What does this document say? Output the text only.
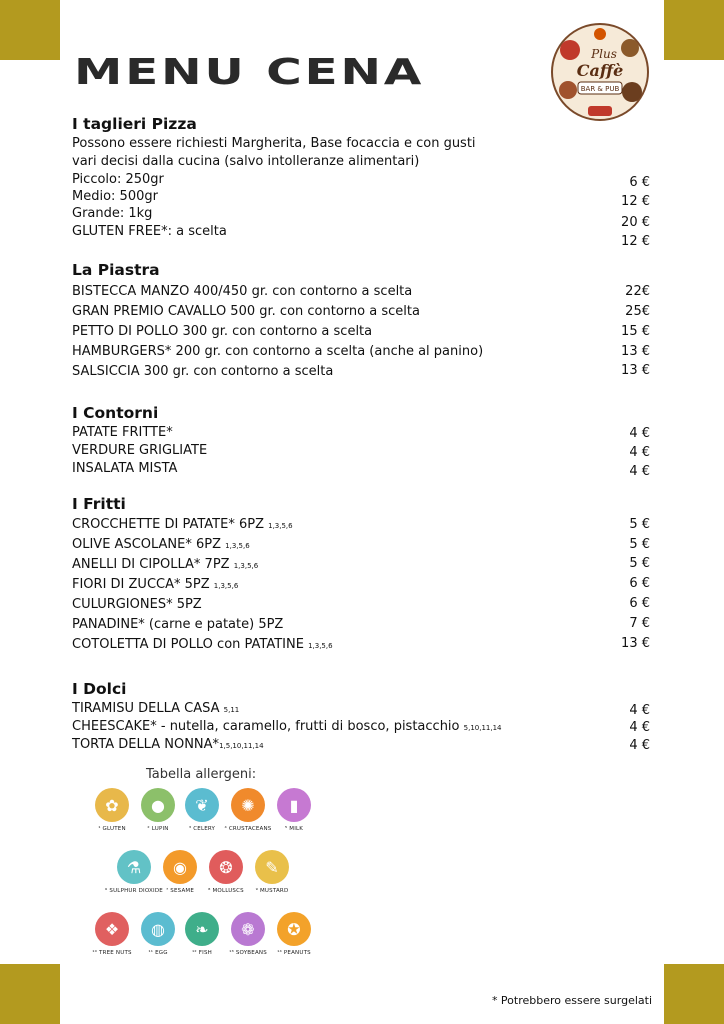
MENU CENA	Plus
Caffè
BAR & PUB
I taglieri Pizza
Possono essere richiesti Margherita, Base focaccia e con gusti
vari decisi dalla cucina (salvo intolleranze alimentari)
Piccolo: 250gr
Medio: 500gr
Grande: 1kg
GLUTEN FREE*: a scelta
6 €
12 €
20 €
12 €
La Piastra
BISTECCA MANZO 400/450 gr. con contorno a scelta
GRAN PREMIO CAVALLO 500 gr. con contorno a scelta
PETTO DI POLLO 300 gr. con contorno a scelta
HAMBURGERS* 200 gr. con contorno a scelta (anche al panino)
SALSICCIA 300 gr. con contorno a scelta
22€
25€
15 €
13 €
13 €
I Contorni
PATATE FRITTE*
VERDURE GRIGLIATE
INSALATA MISTA
4 €
4 €
4 €
I Fritti
CROCCHETTE DI PATATE* 6PZ 1,3,5,6
OLIVE ASCOLANE* 6PZ 1,3,5,6
ANELLI DI CIPOLLA* 7PZ 1,3,5,6
FIORI DI ZUCCA* 5PZ 1,3,5,6
CULURGIONES* 5PZ
PANADINE* (carne e patate) 5PZ
COTOLETTA DI POLLO con PATATINE 1,3,5,6
5 €
5 €
5 €
6 €
6 €
7 €
13 €
I Dolci
TIRAMISU DELLA CASA 5,11
CHEESCAKE* - nutella, caramello, frutti di bosco, pistacchio 5,10,11,14
TORTA DELLA NONNA*1,5,10,11,14
4 €
4 €
4 €
Tabella allergeni:
✿
¹ GLUTEN
●
² LUPIN
❦
³ CELERY
✺
⁴ CRUSTACEANS
▮
⁵ MILK
⚗
⁶ SULPHUR DIOXIDE
◉
⁷ SESAME
❂
⁸ MOLLUSCS
✎
⁹ MUSTARD
❖
¹⁰ TREE NUTS
◍
¹¹ EGG
❧
¹² FISH
❁
¹³ SOYBEANS
✪
¹⁴ PEANUTS
* Potrebbero essere surgelati
